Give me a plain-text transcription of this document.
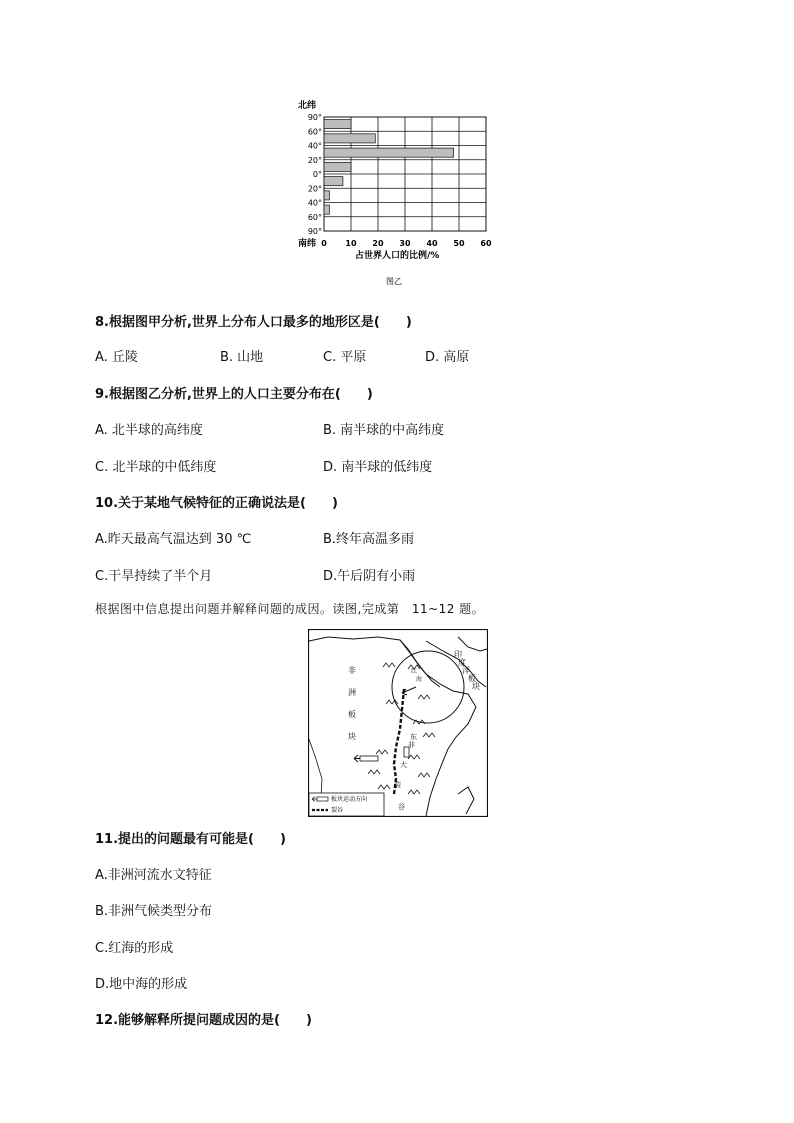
北纬
90°
60°
40°
20°
0°
20°
40°
60°
90°
南纬 0 10 20 30 40 50 60
占世界人口的比例/%
图乙
8.根据图甲分析,世界上分布人口最多的地形区是(　　)
A. 丘陵	B. 山地	C. 平原	D. 高原
9.根据图乙分析,世界上的人口主要分布在(　　)
A. 北半球的高纬度	B. 南半球的中高纬度
C. 北半球的中低纬度	D. 南半球的低纬度
10.关于某地气候特征的正确说法是(　　)
A.昨天最高气温达到 30 ℃	B.终年高温多雨
C.干旱持续了半个月	D.午后阴有小雨
根据图中信息提出问题并解释问题的成因。读图,完成第　11~12 题。
非
洲
板
块
印
度
洋
板
块
东
非
大
裂
谷
红
海
板块运动方向
裂谷
11.提出的问题最有可能是(　　)
A.非洲河流水文特征
B.非洲气候类型分布
C.红海的形成
D.地中海的形成
12.能够解释所提问题成因的是(　　)
